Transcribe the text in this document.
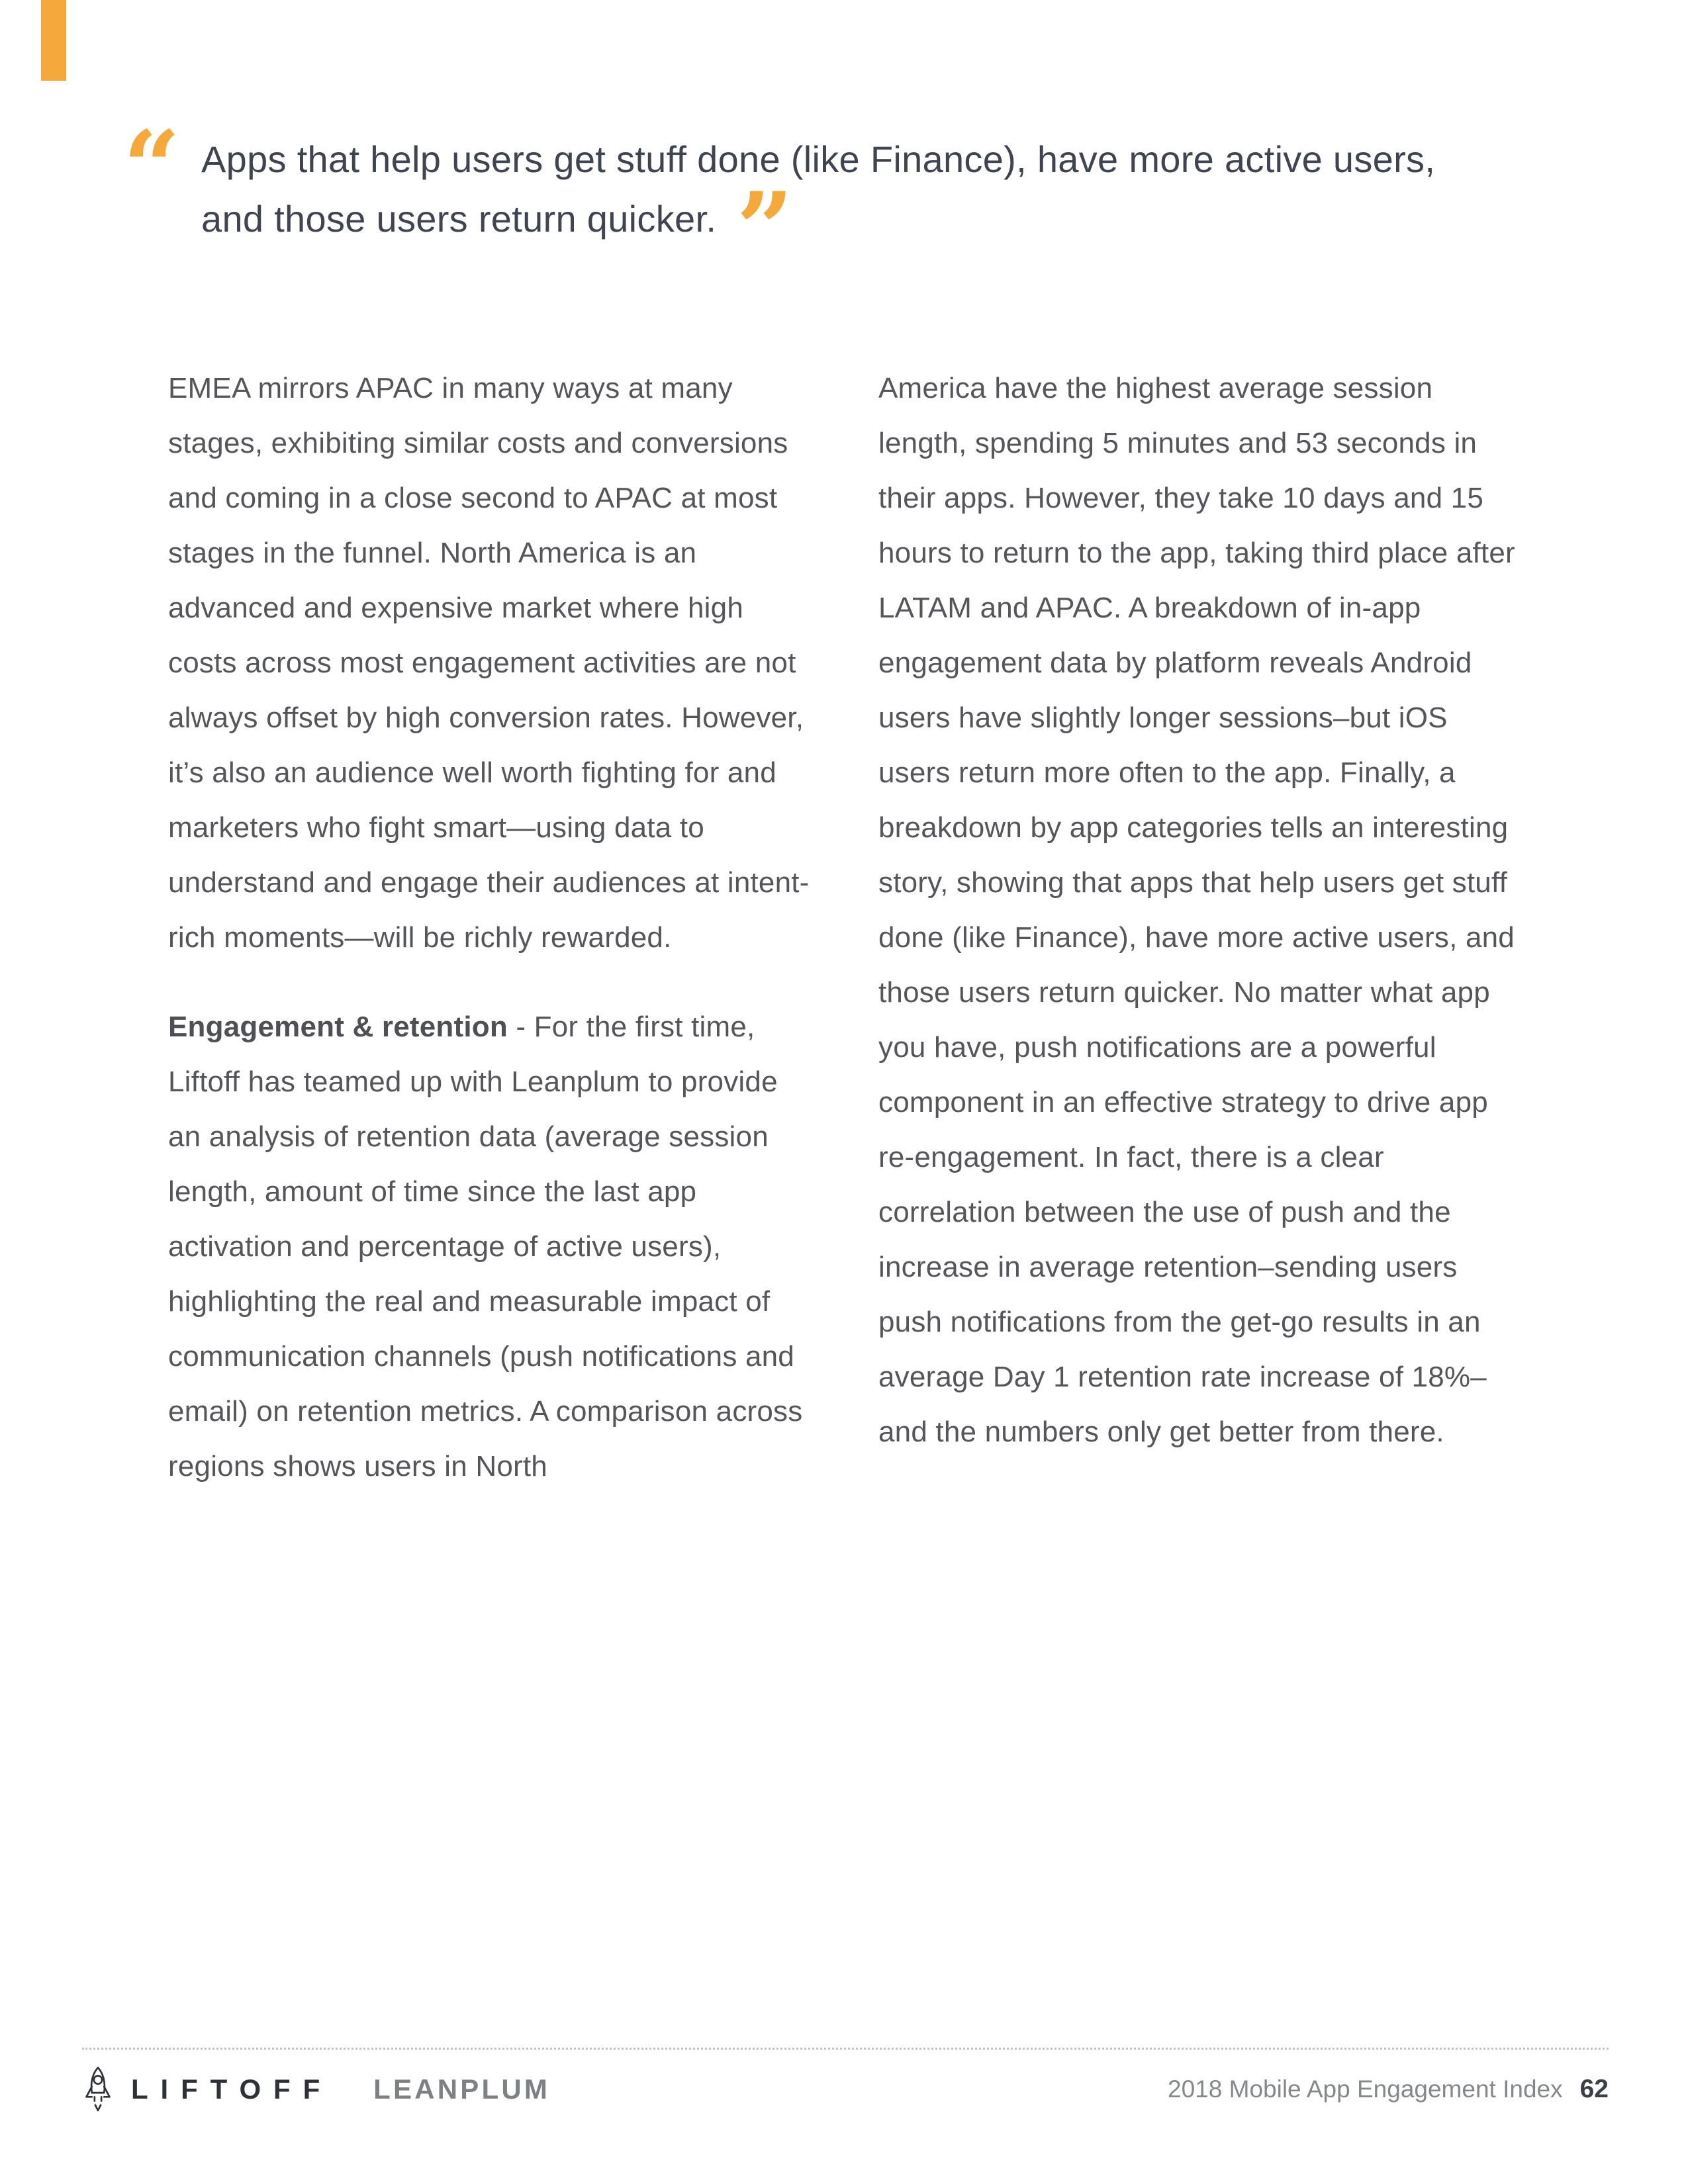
“ Apps that help users get stuff done (like Finance), have more active users, and those users return quicker. ”

EMEA mirrors APAC in many ways at many stages, exhibiting similar costs and conversions and coming in a close second to APAC at most stages in the funnel. North America is an advanced and expensive market where high costs across most engagement activities are not always offset by high conversion rates. However, it’s also an audience well worth fighting for and marketers who fight smart—using data to understand and engage their audiences at intent-rich moments—will be richly rewarded.

Engagement & retention - For the first time, Liftoff has teamed up with Leanplum to provide an analysis of retention data (average session length, amount of time since the last app activation and percentage of active users), highlighting the real and measurable impact of communication channels (push notifications and email) on retention metrics. A comparison across regions shows users in North

America have the highest average session length, spending 5 minutes and 53 seconds in their apps. However, they take 10 days and 15 hours to return to the app, taking third place after LATAM and APAC. A breakdown of in-app engagement data by platform reveals Android users have slightly longer sessions–but iOS users return more often to the app. Finally, a breakdown by app categories tells an interesting story, showing that apps that help users get stuff done (like Finance), have more active users, and those users return quicker. No matter what app you have, push notifications are a powerful component in an effective strategy to drive app re-engagement. In fact, there is a clear correlation between the use of push and the increase in average retention–sending users push notifications from the get-go results in an average Day 1 retention rate increase of 18%–and the numbers only get better from there.

LIFTOFF LEANPLUM	2018 Mobile App Engagement Index 62
